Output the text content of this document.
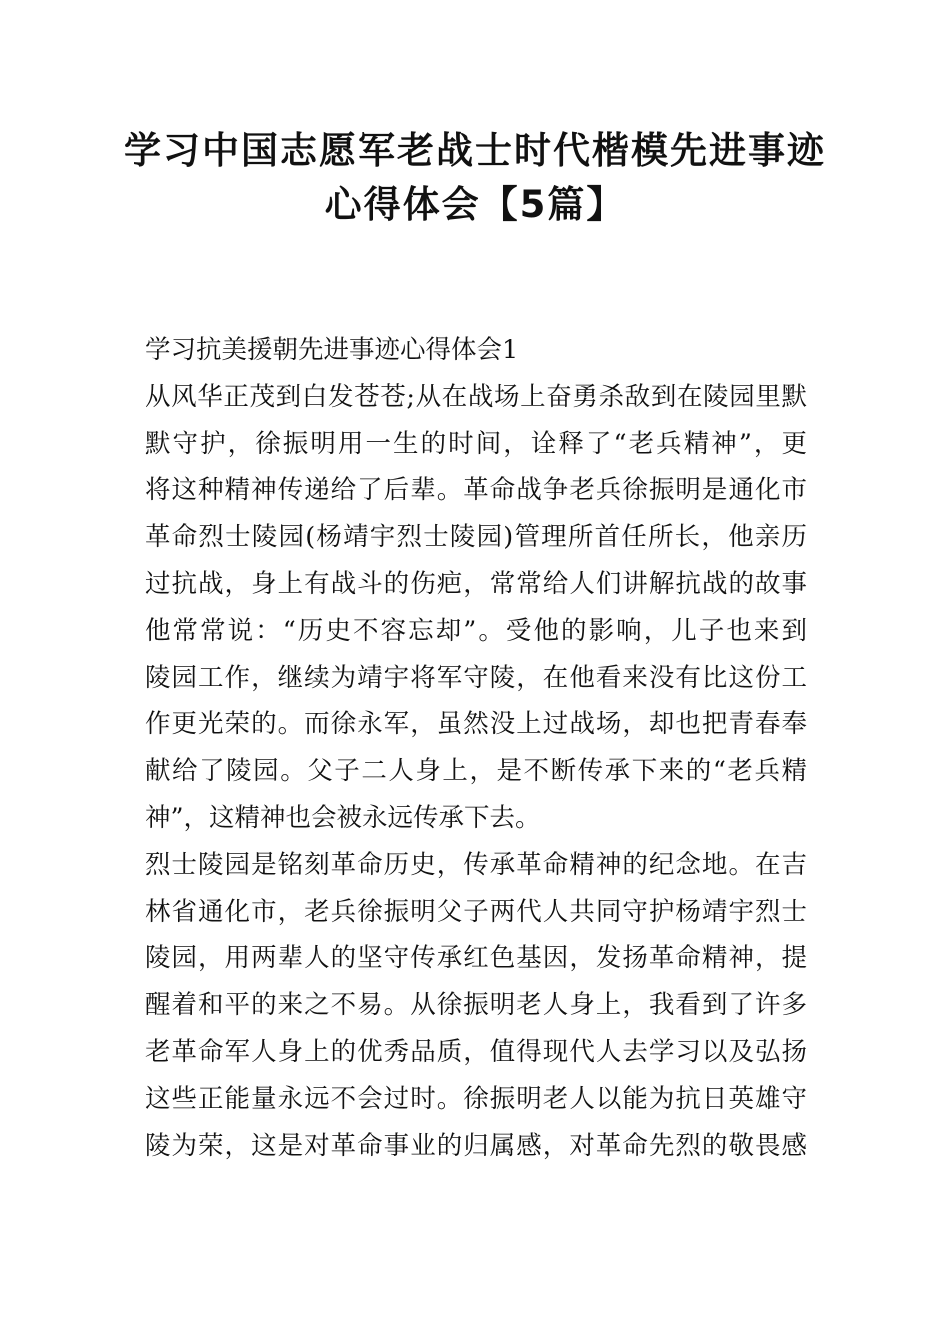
学习中国志愿军老战士时代楷模先进事迹
心得体会【5篇】
学习抗美援朝先进事迹心得体会1

从风华正茂到白发苍苍;从在战场上奋勇杀敌到在陵园里默
默守护，徐振明用一生的时间，诠释了“老兵精神”，更
将这种精神传递给了后辈。革命战争老兵徐振明是通化市
革命烈士陵园(杨靖宇烈士陵园)管理所首任所长，他亲历
过抗战，身上有战斗的伤疤，常常给人们讲解抗战的故事
他常常说：“历史不容忘却”。受他的影响，儿子也来到
陵园工作，继续为靖宇将军守陵，在他看来没有比这份工
作更光荣的。而徐永军，虽然没上过战场，却也把青春奉
献给了陵园。父子二人身上，是不断传承下来的“老兵精
神”，这精神也会被永远传承下去。

烈士陵园是铭刻革命历史，传承革命精神的纪念地。在吉
林省通化市，老兵徐振明父子两代人共同守护杨靖宇烈士
陵园，用两辈人的坚守传承红色基因，发扬革命精神，提
醒着和平的来之不易。从徐振明老人身上，我看到了许多
老革命军人身上的优秀品质，值得现代人去学习以及弘扬
这些正能量永远不会过时。徐振明老人以能为抗日英雄守
陵为荣，这是对革命事业的归属感，对革命先烈的敬畏感
